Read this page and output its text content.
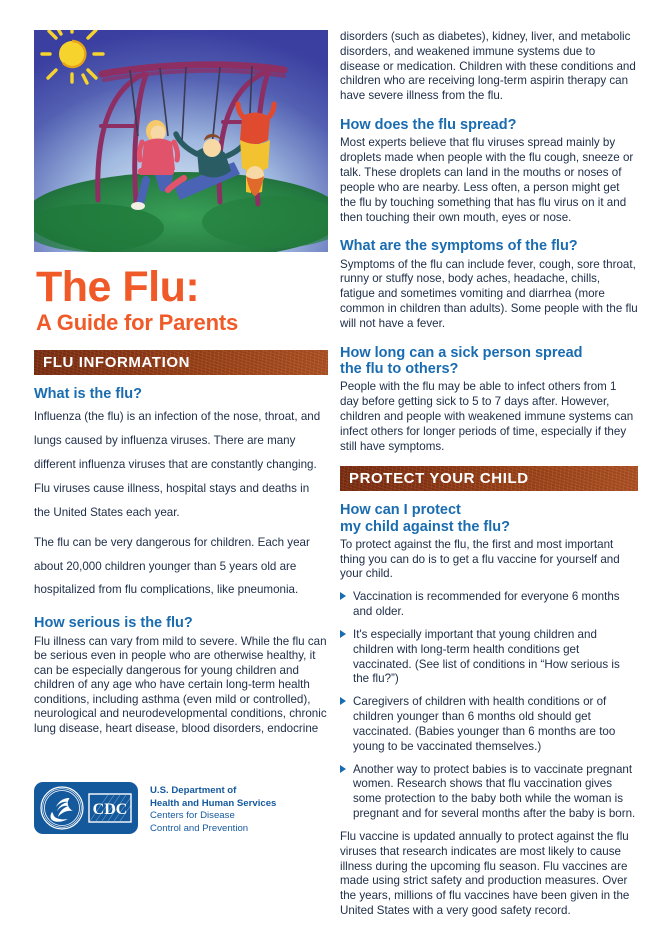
The Flu:
A Guide for Parents
FLU INFORMATION
What is the flu?

Influenza (the flu) is an infection of the nose, throat, and lungs caused by influenza viruses. There are many different influenza viruses that are constantly changing. Flu viruses cause illness, hospital stays and deaths in the United States each year.

The flu can be very dangerous for children. Each year about 20,000 children younger than 5 years old are hospitalized from flu complications, like pneumonia.

How serious is the flu?

Flu illness can vary from mild to severe. While the flu can be serious even in people who are otherwise healthy, it can be especially dangerous for young children and children of any age who have certain long-term health conditions, including asthma (even mild or controlled), neurological and neurodevelopmental conditions, chronic lung disease, heart disease, blood disorders, endocrine

disorders (such as diabetes), kidney, liver, and metabolic disorders, and weakened immune systems due to disease or medication. Children with these conditions and children who are receiving long-term aspirin therapy can have severe illness from the flu.

How does the flu spread?

Most experts believe that flu viruses spread mainly by droplets made when people with the flu cough, sneeze or talk. These droplets can land in the mouths or noses of people who are nearby. Less often, a person might get the flu by touching something that has flu virus on it and then touching their own mouth, eyes or nose.

What are the symptoms of the flu?

Symptoms of the flu can include fever, cough, sore throat, runny or stuffy nose, body aches, headache, chills, fatigue and sometimes vomiting and diarrhea (more common in children than adults). Some people with the flu will not have a fever.

How long can a sick person spread
the flu to others?

People with the flu may be able to infect others from 1 day before getting sick to 5 to 7 days after. However, children and people with weakened immune systems can infect others for longer periods of time, especially if they still have symptoms.

PROTECT YOUR CHILD
How can I protect
my child against the flu?

To protect against the flu, the first and most important thing you can do is to get a flu vaccine for yourself and your child.

Vaccination is recommended for everyone 6 months and older.
It's especially important that young children and children with long-term health conditions get vaccinated. (See list of conditions in “How serious is the flu?”)
Caregivers of children with health conditions or of children younger than 6 months old should get vaccinated. (Babies younger than 6 months are too young to be vaccinated themselves.)
Another way to protect babies is to vaccinate pregnant women. Research shows that flu vaccination gives some protection to the baby both while the woman is pregnant and for several months after the baby is born.

Flu vaccine is updated annually to protect against the flu viruses that research indicates are most likely to cause illness during the upcoming flu season. Flu vaccines are made using strict safety and production measures. Over the years, millions of flu vaccines have been given in the United States with a very good safety record.

CDC
U.S. Department of
Health and Human Services
Centers for Disease
Control and Prevention
